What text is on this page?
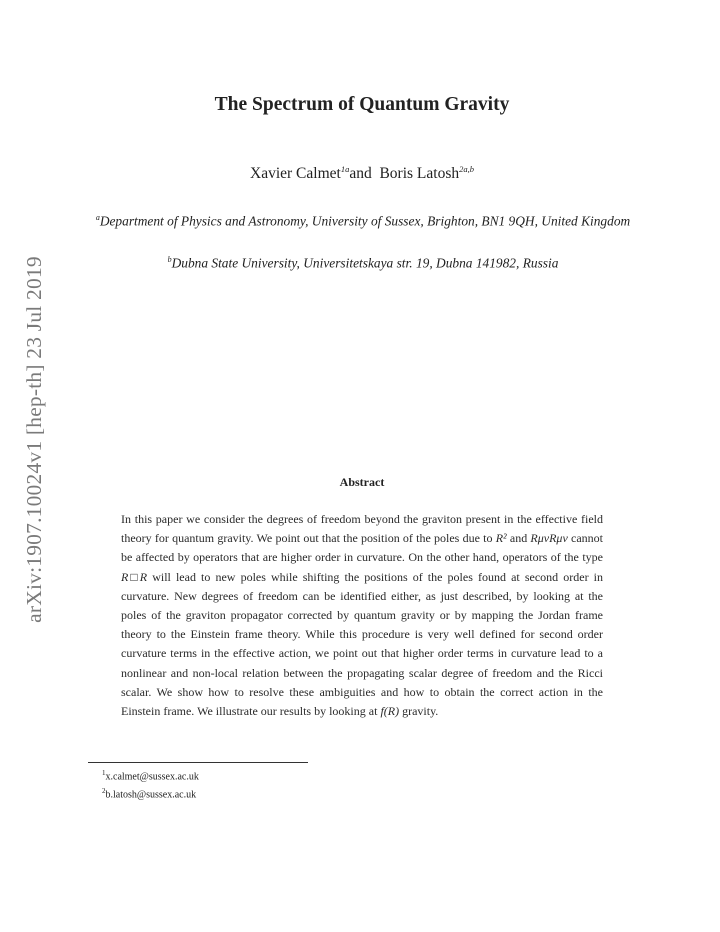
arXiv:1907.10024v1 [hep-th] 23 Jul 2019
The Spectrum of Quantum Gravity
Xavier Calmet$^{1a}$and Boris Latosh$^{2a,b}$
$^a$Department of Physics and Astronomy, University of Sussex, Brighton, BN1 9QH, United Kingdom
$^b$Dubna State University, Universitetskaya str. 19, Dubna 141982, Russia
Abstract

In this paper we consider the degrees of freedom beyond the graviton present in the effective field theory for quantum gravity. We point out that the position of the poles due to R² and RμνRμν cannot be affected by operators that are higher order in curvature. On the other hand, operators of the type R□R will lead to new poles while shifting the positions of the poles found at second order in curvature. New degrees of freedom can be identified either, as just described, by looking at the poles of the graviton propagator corrected by quantum gravity or by mapping the Jordan frame theory to the Einstein frame theory. While this procedure is very well defined for second order curvature terms in the effective action, we point out that higher order terms in curvature lead to a nonlinear and non-local relation between the propagating scalar degree of freedom and the Ricci scalar. We show how to resolve these ambiguities and how to obtain the correct action in the Einstein frame. We illustrate our results by looking at f(R) gravity.

$^1$x.calmet@sussex.ac.uk
$^2$b.latosh@sussex.ac.uk
